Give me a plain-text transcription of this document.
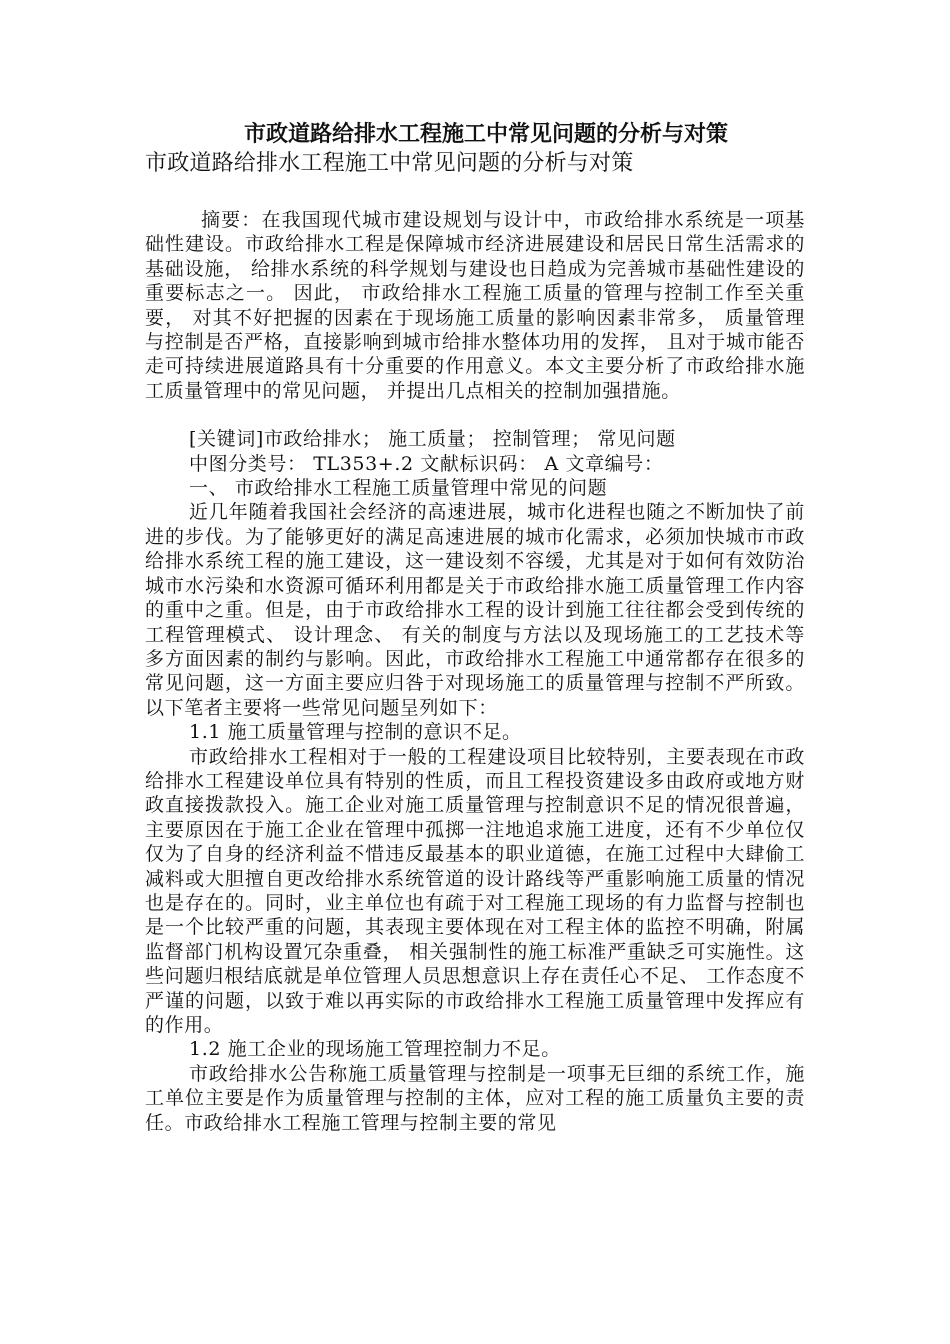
市政道路给排水工程施工中常见问题的分析与对策
市政道路给排水工程施工中常见问题的分析与对策

摘要：在我国现代城市建设规划与设计中，市政给排水系统是一项基础性建设。市政给排水工程是保障城市经济进展建设和居民日常生活需求的基础设施， 给排水系统的科学规划与建设也日趋成为完善城市基础性建设的重要标志之一。 因此， 市政给排水工程施工质量的管理与控制工作至关重要， 对其不好把握的因素在于现场施工质量的影响因素非常多， 质量管理与控制是否严格，直接影响到城市给排水整体功用的发挥， 且对于城市能否走可持续进展道路具有十分重要的作用意义。本文主要分析了市政给排水施工质量管理中的常见问题， 并提出几点相关的控制加强措施。

[关键词]市政给排水； 施工质量； 控制管理； 常见问题

中图分类号： TL353+.2 文献标识码： A 文章编号：

一、 市政给排水工程施工质量管理中常见的问题

近几年随着我国社会经济的高速进展，城市化进程也随之不断加快了前进的步伐。为了能够更好的满足高速进展的城市化需求，必须加快城市市政给排水系统工程的施工建设，这一建设刻不容缓，尤其是对于如何有效防治城市水污染和水资源可循环利用都是关于市政给排水施工质量管理工作内容的重中之重。但是，由于市政给排水工程的设计到施工往往都会受到传统的工程管理模式、 设计理念、 有关的制度与方法以及现场施工的工艺技术等多方面因素的制约与影响。因此，市政给排水工程施工中通常都存在很多的常见问题，这一方面主要应归咎于对现场施工的质量管理与控制不严所致。以下笔者主要将一些常见问题呈列如下：

1.1 施工质量管理与控制的意识不足。

市政给排水工程相对于一般的工程建设项目比较特别，主要表现在市政给排水工程建设单位具有特别的性质，而且工程投资建设多由政府或地方财政直接拨款投入。施工企业对施工质量管理与控制意识不足的情况很普遍，主要原因在于施工企业在管理中孤掷一注地追求施工进度，还有不少单位仅仅为了自身的经济利益不惜违反最基本的职业道德，在施工过程中大肆偷工减料或大胆擅自更改给排水系统管道的设计路线等严重影响施工质量的情况也是存在的。同时，业主单位也有疏于对工程施工现场的有力监督与控制也是一个比较严重的问题，其表现主要体现在对工程主体的监控不明确，附属监督部门机构设置冗杂重叠， 相关强制性的施工标准严重缺乏可实施性。这些问题归根结底就是单位管理人员思想意识上存在责任心不足、 工作态度不严谨的问题，以致于难以再实际的市政给排水工程施工质量管理中发挥应有的作用。

1.2 施工企业的现场施工管理控制力不足。

市政给排水公告称施工质量管理与控制是一项事无巨细的系统工作，施工单位主要是作为质量管理与控制的主体，应对工程的施工质量负主要的责任。市政给排水工程施工管理与控制主要的常见
